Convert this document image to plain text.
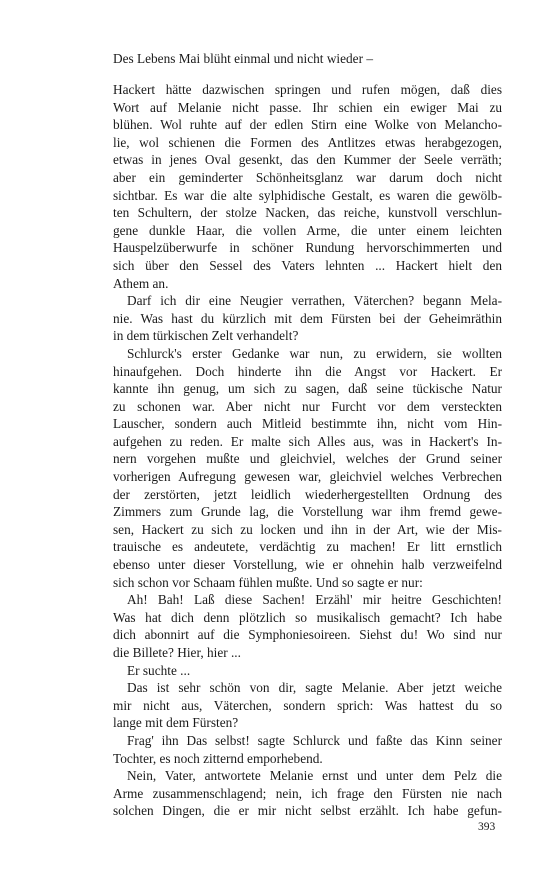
Des Lebens Mai blüht einmal und nicht wieder –
Hackert hätte dazwischen springen und rufen mögen, daß dies
Wort auf Melanie nicht passe. Ihr schien ein ewiger Mai zu
blühen. Wol ruhte auf der edlen Stirn eine Wolke von Melancho-
lie, wol schienen die Formen des Antlitzes etwas herabgezogen,
etwas in jenes Oval gesenkt, das den Kummer der Seele verräth;
aber ein geminderter Schönheitsglanz war darum doch nicht
sichtbar. Es war die alte sylphidische Gestalt, es waren die gewölb-
ten Schultern, der stolze Nacken, das reiche, kunstvoll verschlun-
gene dunkle Haar, die vollen Arme, die unter einem leichten
Hauspelzüberwurfe in schöner Rundung hervorschimmerten und
sich über den Sessel des Vaters lehnten ... Hackert hielt den
Athem an.
Darf ich dir eine Neugier verrathen, Väterchen? begann Mela-
nie. Was hast du kürzlich mit dem Fürsten bei der Geheimräthin
in dem türkischen Zelt verhandelt?
Schlurck's erster Gedanke war nun, zu erwidern, sie wollten
hinaufgehen. Doch hinderte ihn die Angst vor Hackert. Er
kannte ihn genug, um sich zu sagen, daß seine tückische Natur
zu schonen war. Aber nicht nur Furcht vor dem versteckten
Lauscher, sondern auch Mitleid bestimmte ihn, nicht vom Hin-
aufgehen zu reden. Er malte sich Alles aus, was in Hackert's In-
nern vorgehen mußte und gleichviel, welches der Grund seiner
vorherigen Aufregung gewesen war, gleichviel welches Verbrechen
der zerstörten, jetzt leidlich wiederhergestellten Ordnung des
Zimmers zum Grunde lag, die Vorstellung war ihm fremd gewe-
sen, Hackert zu sich zu locken und ihn in der Art, wie der Mis-
trauische es andeutete, verdächtig zu machen! Er litt ernstlich
ebenso unter dieser Vorstellung, wie er ohnehin halb verzweifelnd
sich schon vor Schaam fühlen mußte. Und so sagte er nur:
Ah! Bah! Laß diese Sachen! Erzähl' mir heitre Geschichten!
Was hat dich denn plötzlich so musikalisch gemacht? Ich habe
dich abonnirt auf die Symphoniesoireen. Siehst du! Wo sind nur
die Billete? Hier, hier ...
Er suchte ...
Das ist sehr schön von dir, sagte Melanie. Aber jetzt weiche
mir nicht aus, Väterchen, sondern sprich: Was hattest du so
lange mit dem Fürsten?
Frag' ihn Das selbst! sagte Schlurck und faßte das Kinn seiner
Tochter, es noch zitternd emporhebend.
Nein, Vater, antwortete Melanie ernst und unter dem Pelz die
Arme zusammenschlagend; nein, ich frage den Fürsten nie nach
solchen Dingen, die er mir nicht selbst erzählt. Ich habe gefun-
393
